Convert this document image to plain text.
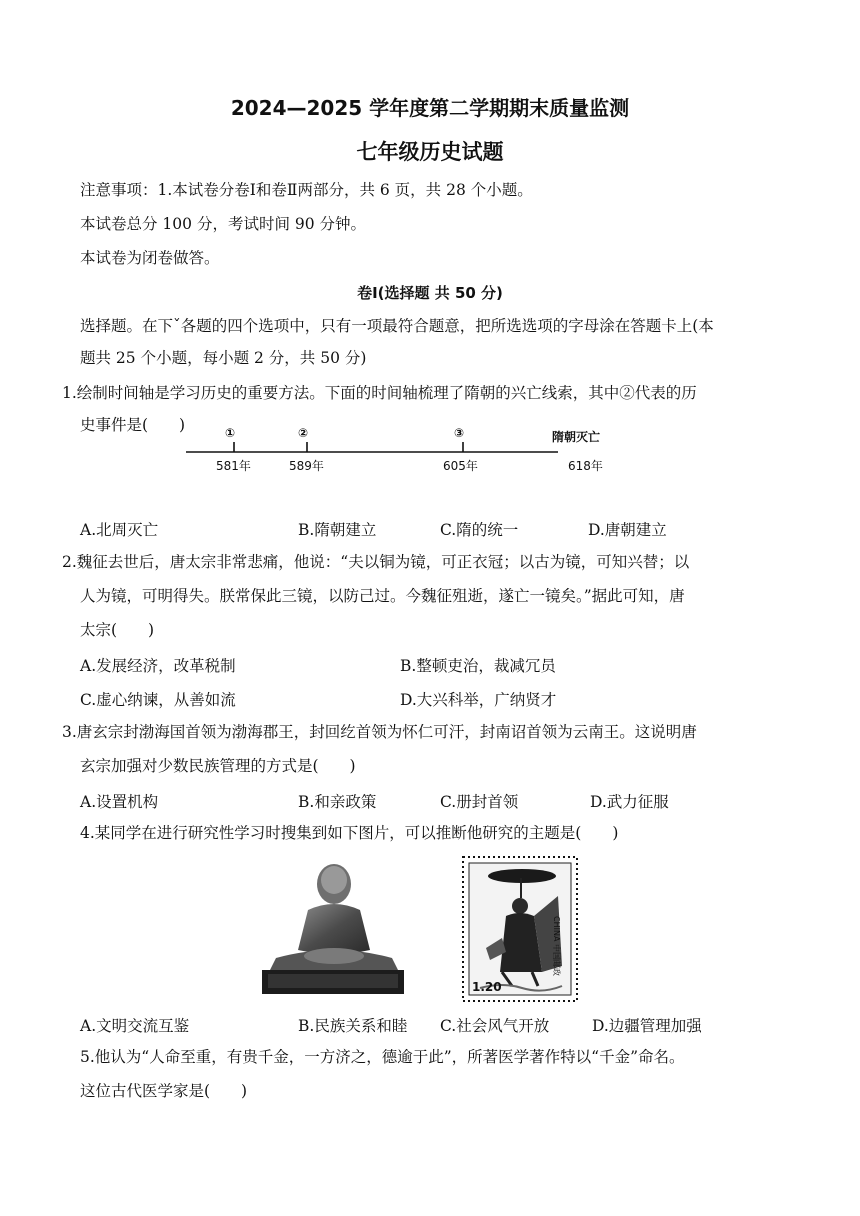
2024—2025 学年度第二学期期末质量监测
七年级历史试题
注意事项：1.本试卷分卷Ⅰ和卷Ⅱ两部分，共 6 页，共 28 个小题。
本试卷总分 100 分，考试时间 90 分钟。
本试卷为闭卷做答。
卷Ⅰ(选择题 共 50 分)
选择题。在下ˇ各题的四个选项中，只有一项最符合题意，把所选选项的字母涂在答题卡上(本
题共 25 个小题，每小题 2 分，共 50 分)
1.绘制时间轴是学习历史的重要方法。下面的时间轴梳理了隋朝的兴亡线索，其中②代表的历
史事件是(　　)	①	②	③	隋朝灭亡
581年	589年	605年	618年
A.北周灭亡	B.隋朝建立	C.隋的统一	D.唐朝建立
2.魏征去世后，唐太宗非常悲痛，他说：“夫以铜为镜，可正衣冠；以古为镜，可知兴替；以
人为镜，可明得失。朕常保此三镜，以防己过。今魏征殂逝，遂亡一镜矣。”据此可知，唐
太宗(　　)
A.发展经济，改革税制	B.整顿吏治，裁减冗员
C.虚心纳谏，从善如流	D.大兴科举，广纳贤才
3.唐玄宗封渤海国首领为渤海郡王，封回纥首领为怀仁可汗，封南诏首领为云南王。这说明唐
玄宗加强对少数民族管理的方式是(　　)
A.设置机构	B.和亲政策	C.册封首领	D.武力征服
4.某同学在进行研究性学习时搜集到如下图片，可以推断他研究的主题是(　　)
1.20
CHINA 中国邮政
A.文明交流互鉴	B.民族关系和睦 C.社会风气开放	D.边疆管理加强
5.他认为“人命至重，有贵千金，一方济之，德逾于此”，所著医学著作特以“千金”命名。
这位古代医学家是(　　)
